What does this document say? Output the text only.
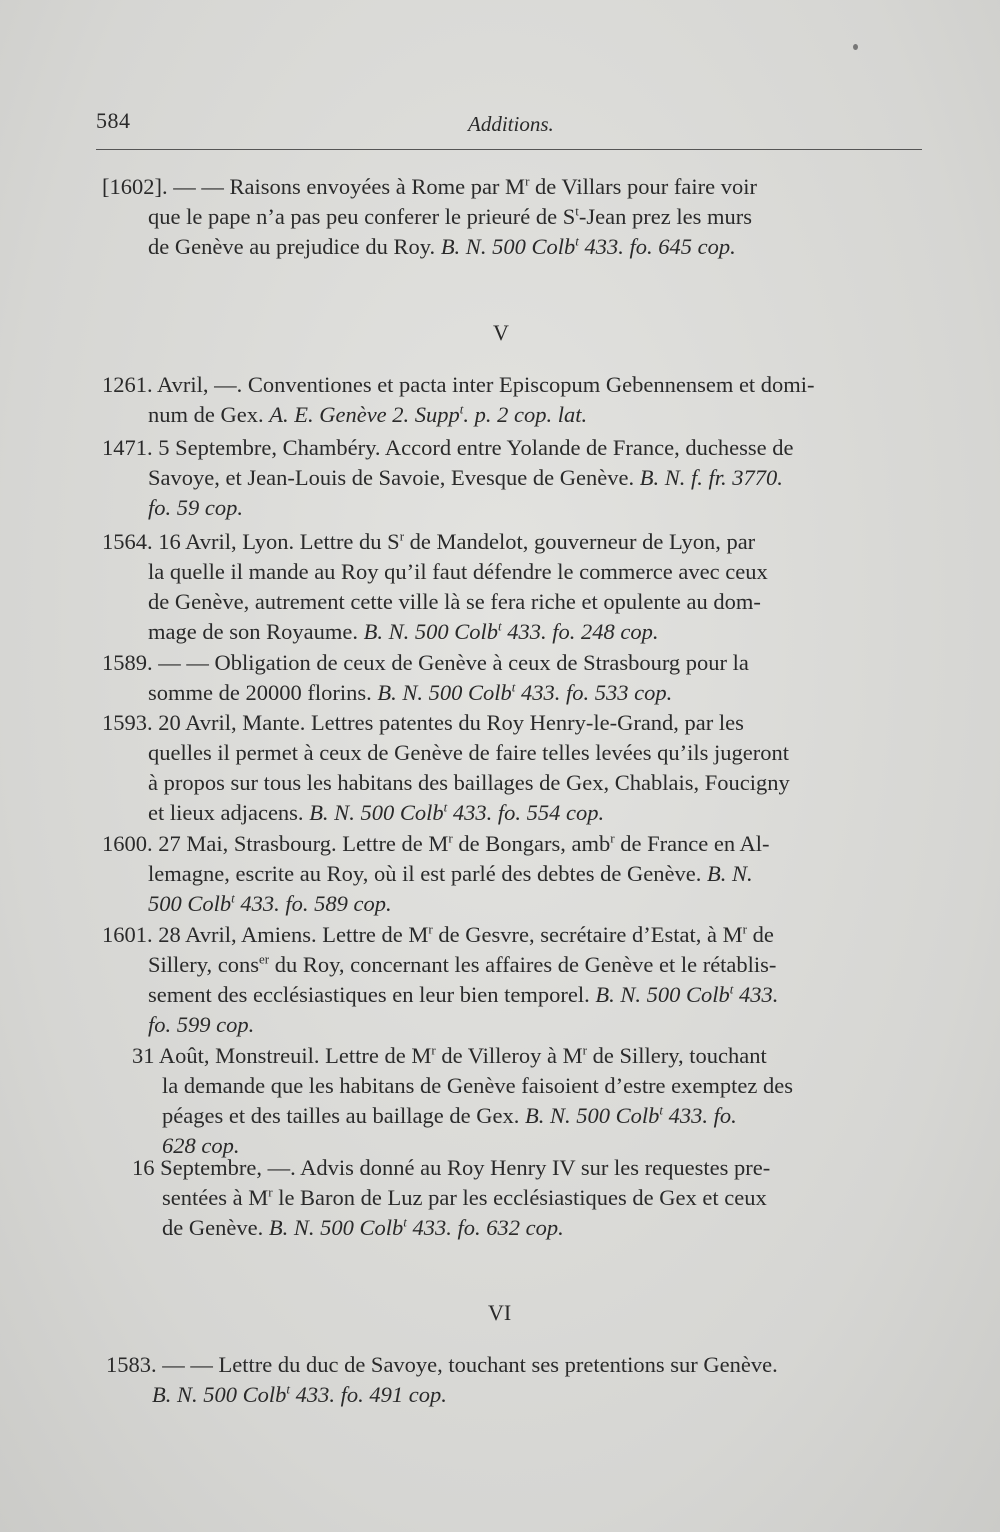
584	Additions.
[1602]. — — Raisons envoyées à Rome par $M^r$ de Villars pour faire voir
que le pape n’a pas peu conferer le prieuré de $S^t$-Jean prez les murs
de Genève au prejudice du Roy. B. N. 500 Colb$^t$ 433. fo. 645 cop.
V
1261. Avril, —. Conventiones et pacta inter Episcopum Gebennensem et domi-
num de Gex. A. E. Genève 2. Supp$^t$. p. 2 cop. lat.
1471. 5 Septembre, Chambéry. Accord entre Yolande de France, duchesse de
Savoye, et Jean-Louis de Savoie, Evesque de Genève. B. N. f. fr. 3770.
fo. 59 cop.
1564. 16 Avril, Lyon. Lettre du $S^r$ de Mandelot, gouverneur de Lyon, par
la quelle il mande au Roy qu’il faut défendre le commerce avec ceux
de Genève, autrement cette ville là se fera riche et opulente au dom-
mage de son Royaume. B. N. 500 Colb$^t$ 433. fo. 248 cop.
1589. — — Obligation de ceux de Genève à ceux de Strasbourg pour la
somme de 20000 florins. B. N. 500 Colb$^t$ 433. fo. 533 cop.
1593. 20 Avril, Mante. Lettres patentes du Roy Henry-le-Grand, par les
quelles il permet à ceux de Genève de faire telles levées qu’ils jugeront
à propos sur tous les habitans des baillages de Gex, Chablais, Foucigny
et lieux adjacens. B. N. 500 Colb$^t$ 433. fo. 554 cop.
1600. 27 Mai, Strasbourg. Lettre de $M^r$ de Bongars, amb$^r$ de France en Al-
lemagne, escrite au Roy, où il est parlé des debtes de Genève. B. N.
500 Colb$^t$ 433. fo. 589 cop.
1601. 28 Avril, Amiens. Lettre de $M^r$ de Gesvre, secrétaire d’Estat, à $M^r$ de
Sillery, cons$^{er}$ du Roy, concernant les affaires de Genève et le rétablis-
sement des ecclésiastiques en leur bien temporel. B. N. 500 Colb$^t$ 433.
fo. 599 cop.
31 Août, Monstreuil. Lettre de $M^r$ de Villeroy à $M^r$ de Sillery, touchant
la demande que les habitans de Genève faisoient d’estre exemptez des
péages et des tailles au baillage de Gex. B. N. 500 Colb$^t$ 433. fo.
628 cop.
16 Septembre, —. Advis donné au Roy Henry IV sur les requestes pre-
sentées à $M^r$ le Baron de Luz par les ecclésiastiques de Gex et ceux
de Genève. B. N. 500 Colb$^t$ 433. fo. 632 cop.
VI
1583. — — Lettre du duc de Savoye, touchant ses pretentions sur Genève.
B. N. 500 Colb$^t$ 433. fo. 491 cop.
